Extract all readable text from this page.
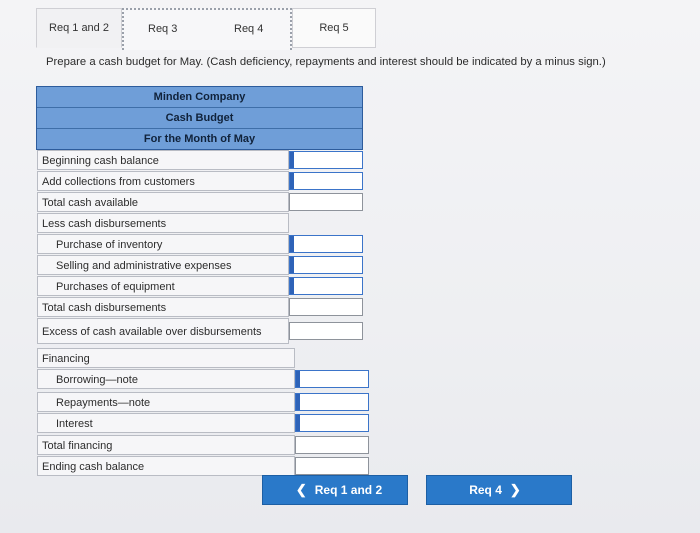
Req 1 and 2	Req 3	Req 4	Req 5
Prepare a cash budget for May. (Cash deficiency, repayments and interest should be indicated by a minus sign.)
Minden Company
Cash Budget
For the Month of May
Beginning cash balance
Add collections from customers
Total cash available
Less cash disbursements
Purchase of inventory
Selling and administrative expenses
Purchases of equipment
Total cash disbursements
Excess of cash available over disbursements
Financing
Borrowing—note
Repayments—note
Interest
Total financing
Ending cash balance
❮ Req 1 and 2	Req 4 ❯
